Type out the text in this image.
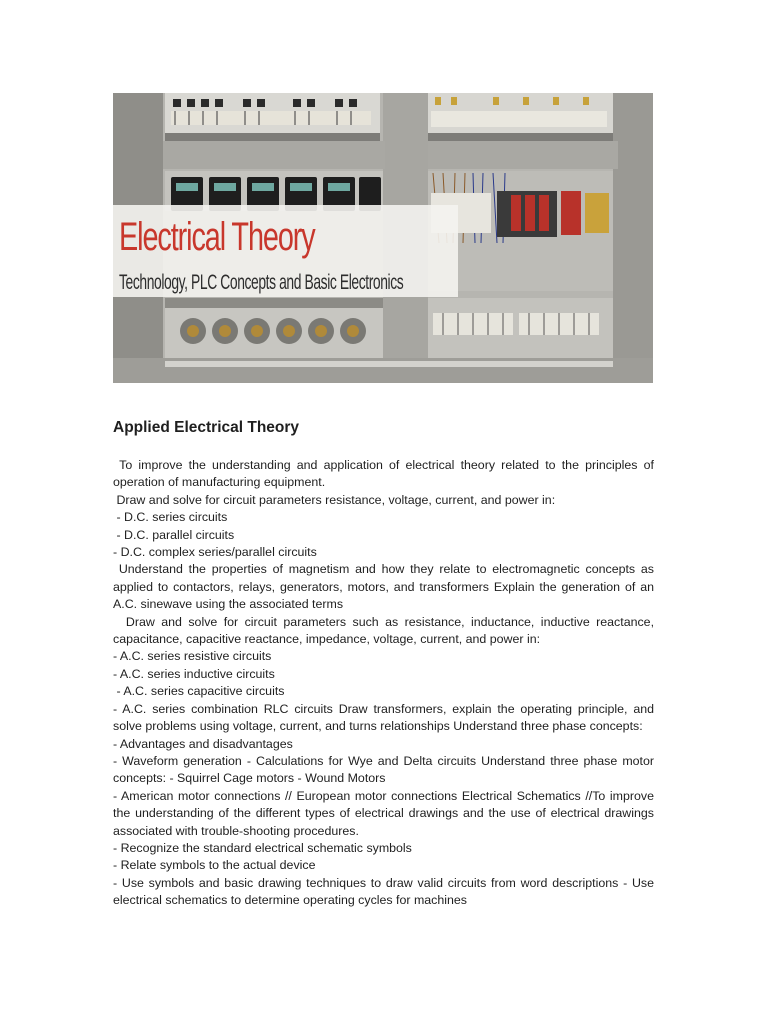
Electrical Theory
Technology, PLC Concepts and Basic Electronics
Applied Electrical Theory
To improve the understanding and application of electrical theory related to the principles of operation of manufacturing equipment.
Draw and solve for circuit parameters resistance, voltage, current, and power in:
- D.C. series circuits
- D.C. parallel circuits
- D.C. complex series/parallel circuits
Understand the properties of magnetism and how they relate to electromagnetic concepts as applied to contactors, relays, generators, motors, and transformers Explain the generation of an A.C. sinewave using the associated terms
Draw and solve for circuit parameters such as resistance, inductance, inductive reactance, capacitance, capacitive reactance, impedance, voltage, current, and power in:
- A.C. series resistive circuits
- A.C. series inductive circuits
- A.C. series capacitive circuits
- A.C. series combination RLC circuits Draw transformers, explain the operating principle, and solve problems using voltage, current, and turns relationships Understand three phase concepts:
- Advantages and disadvantages
- Waveform generation - Calculations for Wye and Delta circuits Understand three phase motor concepts: - Squirrel Cage motors - Wound Motors
- American motor connections // European motor connections Electrical Schematics //To improve the understanding of the different types of electrical drawings and the use of electrical drawings associated with trouble-shooting procedures.
- Recognize the standard electrical schematic symbols
- Relate symbols to the actual device
- Use symbols and basic drawing techniques to draw valid circuits from word descriptions - Use electrical schematics to determine operating cycles for machines
